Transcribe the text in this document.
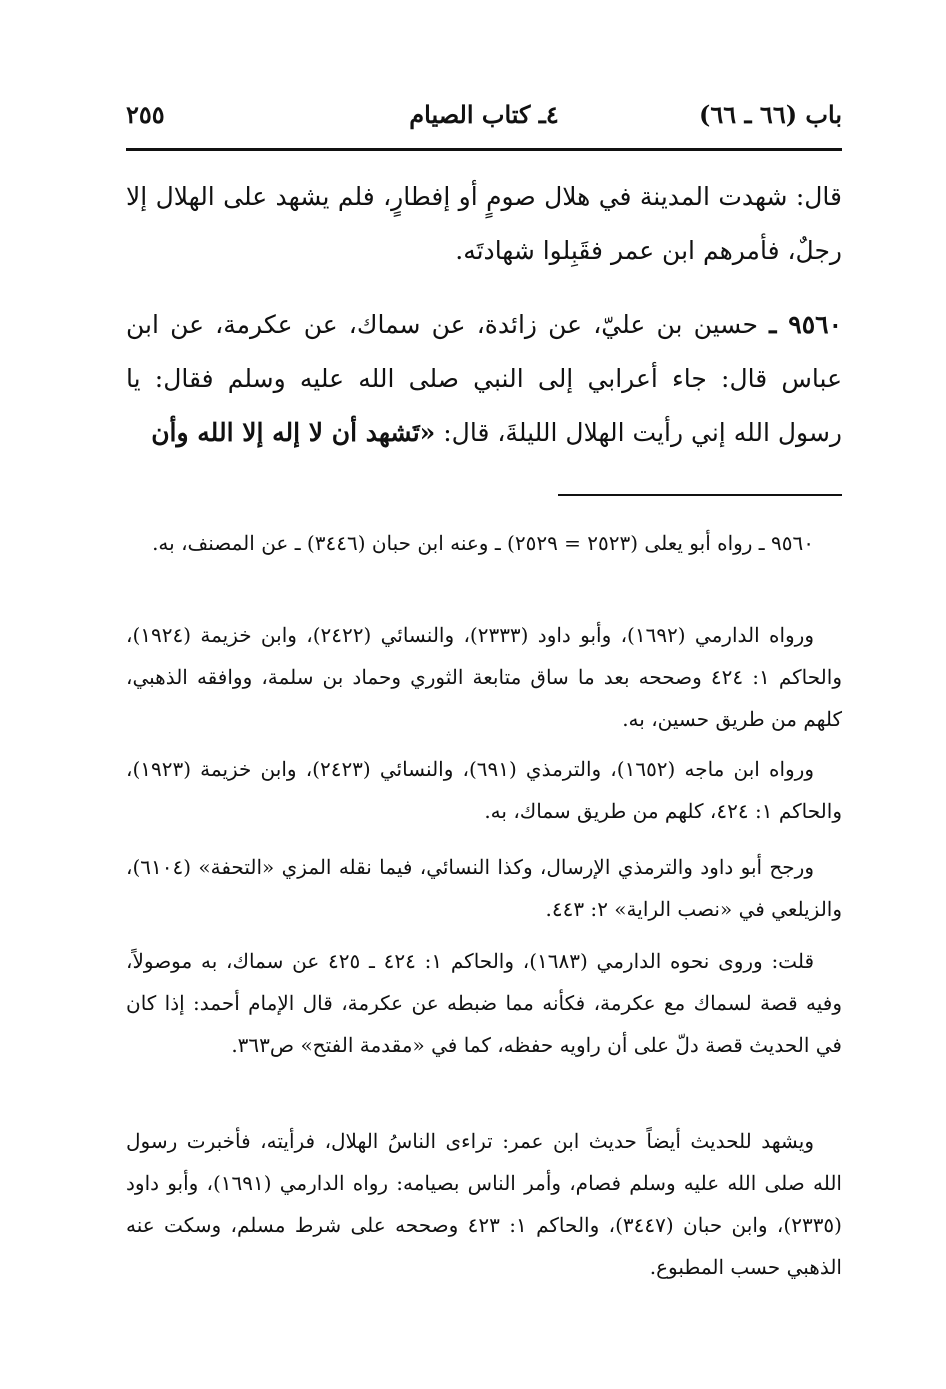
باب (٦٦ ـ ٦٦)
٤ـ كتاب الصيام
٢٥٥
قال: شهدت المدينة في هلال صومٍ أو إفطارٍ، فلم يشهد على الهلال إلا رجلٌ، فأمرهم ابن عمر فقَبِلوا شهادتَه.
٩٥٦٠ ـ حسين بن عليّ، عن زائدة، عن سماك، عن عكرمة، عن ابن عباس قال: جاء أعرابي إلى النبي صلى الله عليه وسلم فقال: يا رسول الله إني رأيت الهلال الليلةَ، قال: «تَشهد أن لا إله إلا الله وأن
٩٥٦٠ ـ رواه أبو يعلى (٢٥٢٣ = ٢٥٢٩) ـ وعنه ابن حبان (٣٤٤٦) ـ عن المصنف، به.
ورواه الدارمي (١٦٩٢)، وأبو داود (٢٣٣٣)، والنسائي (٢٤٢٢)، وابن خزيمة (١٩٢٤)، والحاكم ١: ٤٢٤ وصححه بعد ما ساق متابعة الثوري وحماد بن سلمة، ووافقه الذهبي، كلهم من طريق حسين، به.
ورواه ابن ماجه (١٦٥٢)، والترمذي (٦٩١)، والنسائي (٢٤٢٣)، وابن خزيمة (١٩٢٣)، والحاكم ١: ٤٢٤، كلهم من طريق سماك، به.
ورجح أبو داود والترمذي الإرسال، وكذا النسائي، فيما نقله المزي «التحفة» (٦١٠٤)، والزيلعي في «نصب الراية» ٢: ٤٤٣.
قلت: وروى نحوه الدارمي (١٦٨٣)، والحاكم ١: ٤٢٤ ـ ٤٢٥ عن سماك، به موصولاً، وفيه قصة لسماك مع عكرمة، فكأنه مما ضبطه عن عكرمة، قال الإمام أحمد: إذا كان في الحديث قصة دلّ على أن راويه حفظه، كما في «مقدمة الفتح» ص٣٦٣.
ويشهد للحديث أيضاً حديث ابن عمر: تراءى الناسُ الهلال، فرأيته، فأخبرت رسول الله صلى الله عليه وسلم فصام، وأمر الناس بصيامه: رواه الدارمي (١٦٩١)، وأبو داود (٢٣٣٥)، وابن حبان (٣٤٤٧)، والحاكم ١: ٤٢٣ وصححه على شرط مسلم، وسكت عنه الذهبي حسب المطبوع.
